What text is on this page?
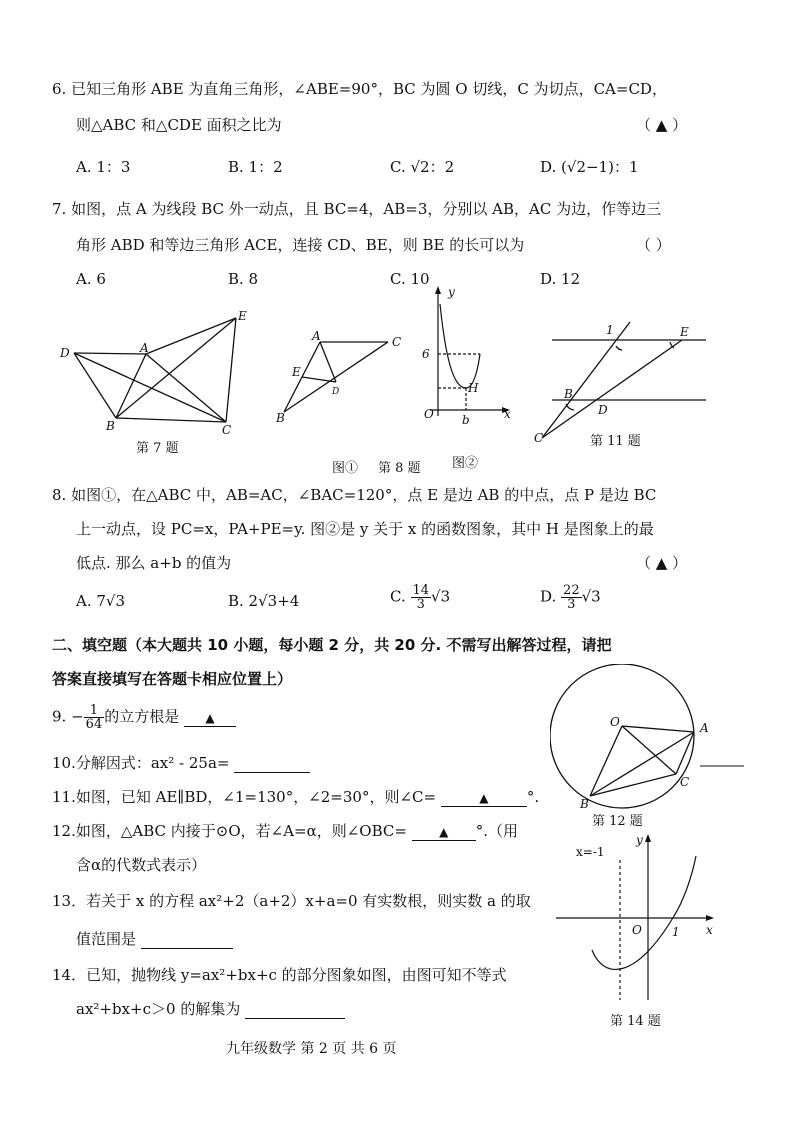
6. 已知三角形 ABE 为直角三角形，∠ABE=90°，BC 为圆 O 切线，C 为切点，CA=CD，
则△ABC 和△CDE 面积之比为	（ ▲ ）
A. 1：3	B. 1：2	C. √2：2	D. (√2−1)：1
7. 如图，点 A 为线段 BC 外一动点，且 BC=4，AB=3，分别以 AB，AC 为边，作等边三
角形 ABD 和等边三角形 ACE，连接 CD、BE，则 BE 的长可以为	（ ）
A. 6	B. 8	C. 10	D. 12
D	A
E
B	C
第 7 题
A	C
E
D
B
y
6
H
O b	x
图① 第 8 题 图②
1	E
B
D
C	第 11 题
8. 如图①，在△ABC 中，AB=AC，∠BAC=120°，点 E 是边 AB 的中点，点 P 是边 BC
上一动点，设 PC=x，PA+PE=y. 图②是 y 关于 x 的函数图象，其中 H 是图象上的最
低点. 那么 a+b 的值为	（ ▲ ）
A. 7√3	B. 2√3+4	C. $\frac{14}{3} √3$	D. $\frac{22}{3} √3$
二、填空题（本大题共 10 小题，每小题 2 分，共 20 分. 不需写出解答过程，请把
答案直接填写在答题卡相应位置上）
9. − $\frac{1}{64}$ 的立方根是 ▲
10.分解因式：ax² - 25a=
11.如图，已知 AE∥BD，∠1=130°，∠2=30°，则∠C=	▲	°.
12.如图，△ABC 内接于⊙O，若∠A=α，则∠OBC=	▲ °.（用
含α的代数式表示）
13．若关于 x 的方程 ax²+2（a+2）x+a=0 有实数根，则实数 a 的取
值范围是
14．已知，抛物线 y=ax²+bx+c 的部分图象如图，由图可知不等式
ax²+bx+c＞0 的解集为
O	A
C
B
第 12 题
x=-1
y
O	1 x
第 14 题
九年级数学 第 2 页 共 6 页
